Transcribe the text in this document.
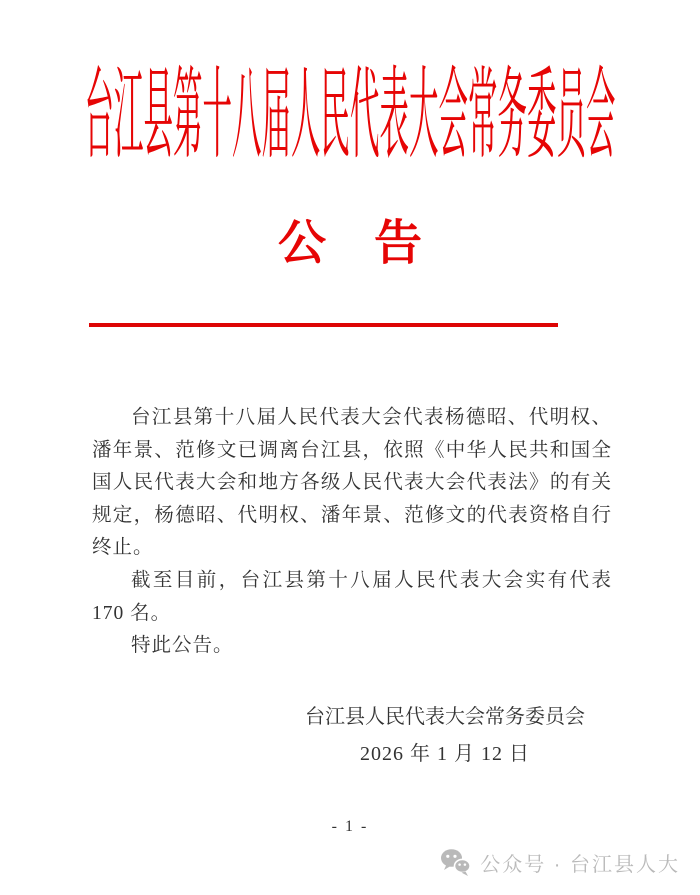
台江县第十八届人民代表大会常务委员会
公　告

台江县第十八届人民代表大会代表杨德昭、代明权、潘年景、范修文已调离台江县，依照《中华人民共和国全国人民代表大会和地方各级人民代表大会代表法》的有关规定，杨德昭、代明权、潘年景、范修文的代表资格自行终止。

截至目前，台江县第十八届人民代表大会实有代表 170 名。

特此公告。

台江县人民代表大会常务委员会
2026 年 1 月 12 日
- 1 -
公众号 · 台江县人大
